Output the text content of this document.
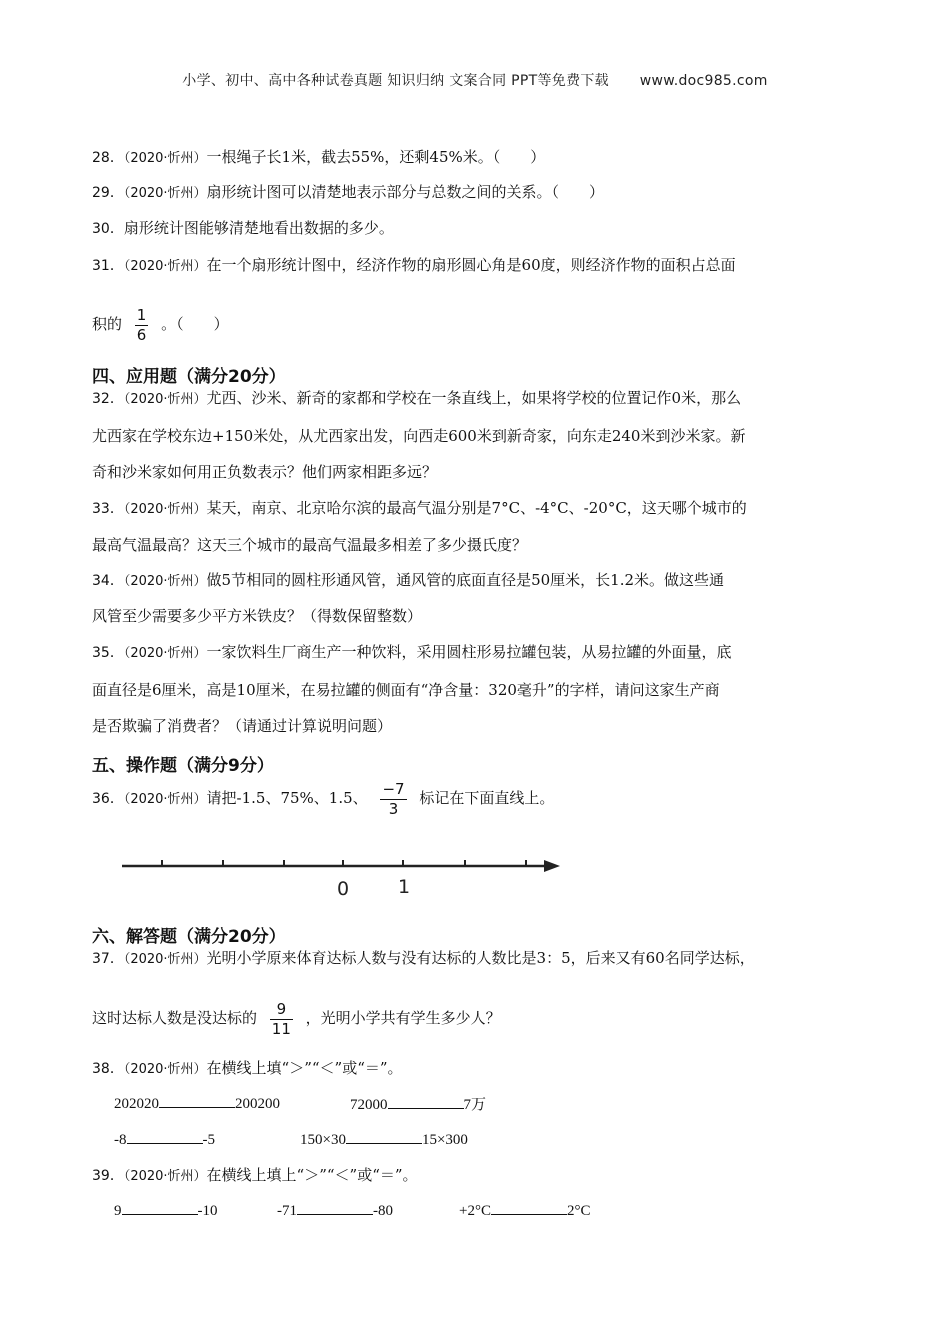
小学、初中、高中各种试卷真题 知识归纳 文案合同 PPT等免费下载 www.doc985.com
28．（2020·忻州）一根绳子长1米，截去55%，还剩45%米。（　　）
29．（2020·忻州）扇形统计图可以清楚地表示部分与总数之间的关系。（　　）
30．扇形统计图能够清楚地看出数据的多少。
31．（2020·忻州）在一个扇形统计图中，经济作物的扇形圆心角是60度，则经济作物的面积占总面
积的 $\frac{1}{6}$ 。（　　）
四、应用题（满分20分）
32．（2020·忻州）尤西、沙米、新奇的家都和学校在一条直线上，如果将学校的位置记作0米，那么
尤西家在学校东边+150米处，从尤西家出发，向西走600米到新奇家，向东走240米到沙米家。新
奇和沙米家如何用正负数表示？他们两家相距多远？
33．（2020·忻州）某天，南京、北京哈尔滨的最高气温分别是7°C、-4°C、-20°C，这天哪个城市的
最高气温最高？这天三个城市的最高气温最多相差了多少摄氏度？
34．（2020·忻州）做5节相同的圆柱形通风管，通风管的底面直径是50厘米，长1.2米。做这些通
风管至少需要多少平方米铁皮？（得数保留整数）
35．（2020·忻州）一家饮料生厂商生产一种饮料，采用圆柱形易拉罐包装，从易拉罐的外面量，底
面直径是6厘米，高是10厘米，在易拉罐的侧面有“净含量：320毫升”的字样，请问这家生产商
是否欺骗了消费者？（请通过计算说明问题）
五、操作题（满分9分）
36．（2020·忻州）请把-1.5、75%、1.5、 $\frac{-7}{3}$ 标记在下面直线上。
0	1
六、解答题（满分20分）
37．（2020·忻州）光明小学原来体育达标人数与没有达标的人数比是3：5，后来又有60名同学达标，
这时达标人数是没达标的 $\frac{9}{11}$ ，光明小学共有学生多少人？
38．（2020·忻州）在横线上填“＞”“＜”或“＝”。
202020	200200	72000	7万
-8	-5	150×30	15×300
39．（2020·忻州）在横线上填上“＞”“＜”或“＝”。
9	-10	-71	-80	+2°C	2°C
